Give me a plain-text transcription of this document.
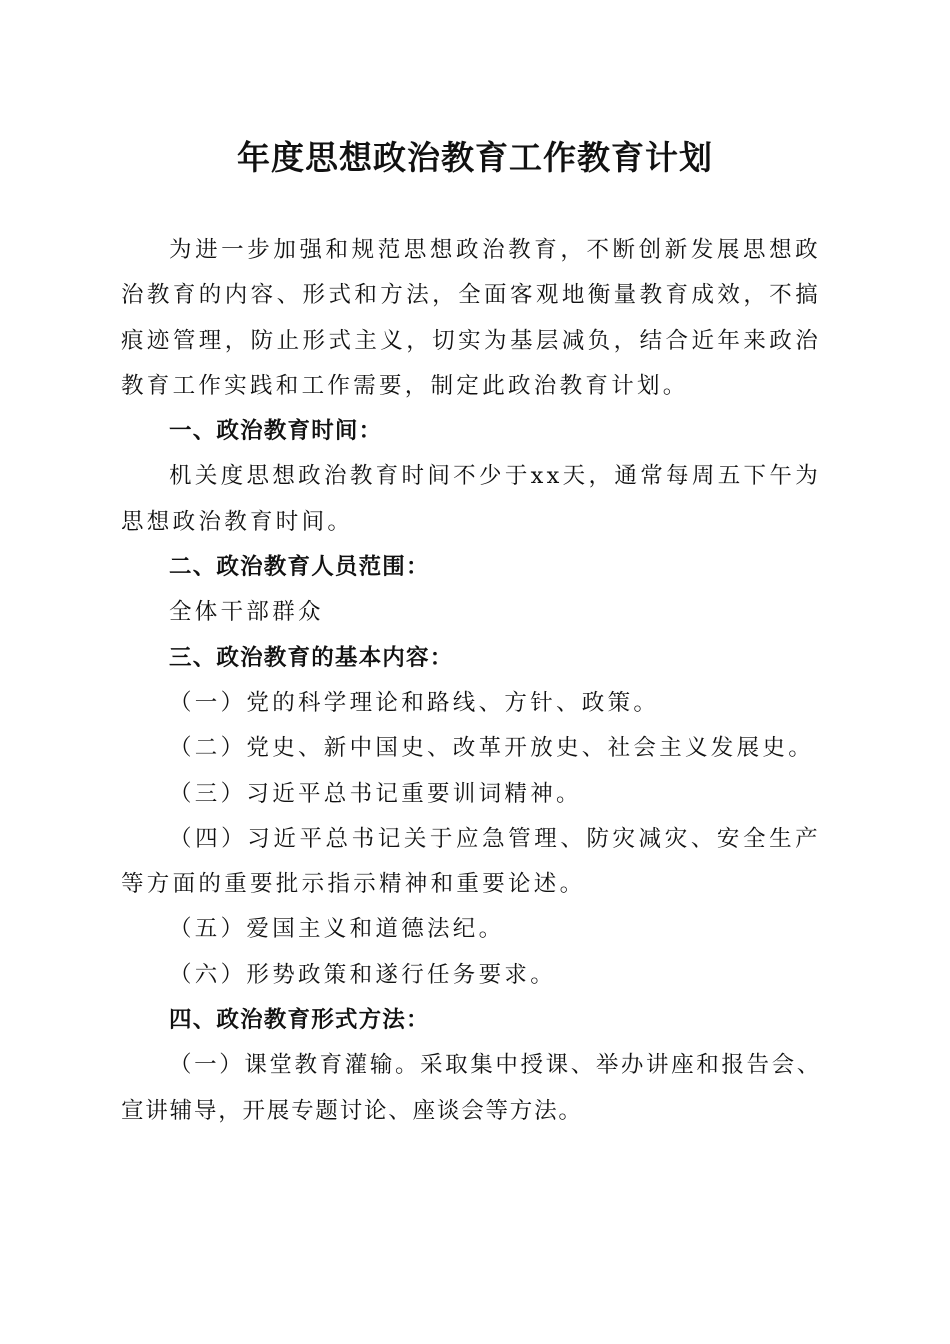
年度思想政治教育工作教育计划

为进一步加强和规范思想政治教育，不断创新发展思想政治教育的内容、形式和方法，全面客观地衡量教育成效，不搞痕迹管理，防止形式主义，切实为基层减负，结合近年来政治教育工作实践和工作需要，制定此政治教育计划。

一、政治教育时间：

机关度思想政治教育时间不少于xx天，通常每周五下午为思想政治教育时间。

二、政治教育人员范围：

全体干部群众

三、政治教育的基本内容：

（一）党的科学理论和路线、方针、政策。

（二）党史、新中国史、改革开放史、社会主义发展史。

（三）习近平总书记重要训词精神。

（四）习近平总书记关于应急管理、防灾减灾、安全生产等方面的重要批示指示精神和重要论述。

（五）爱国主义和道德法纪。

（六）形势政策和遂行任务要求。

四、政治教育形式方法：

（一）课堂教育灌输。采取集中授课、举办讲座和报告会、宣讲辅导，开展专题讨论、座谈会等方法。
